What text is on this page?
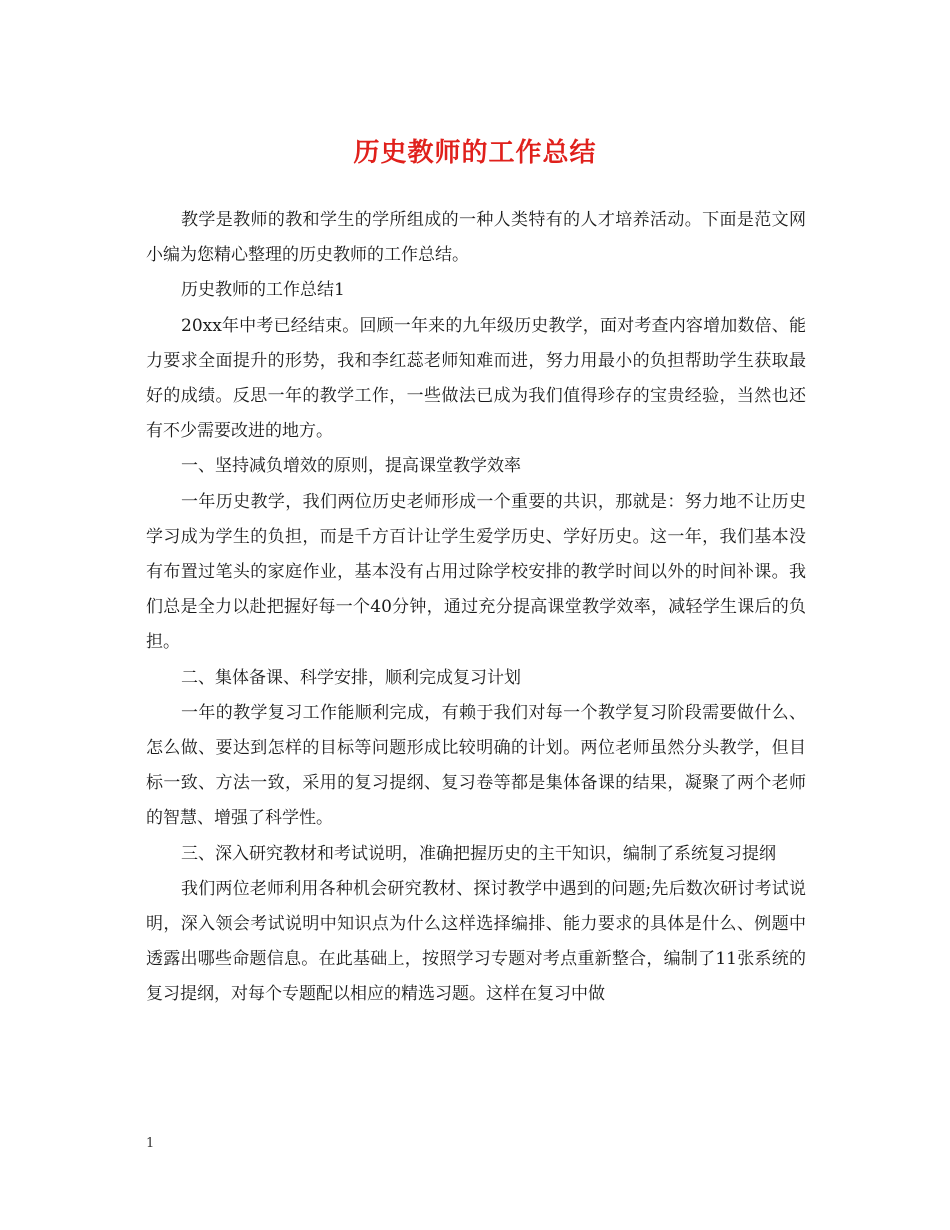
历史教师的工作总结

教学是教师的教和学生的学所组成的一种人类特有的人才培养活动。下面是范文网小编为您精心整理的历史教师的工作总结。

历史教师的工作总结1

20xx年中考已经结束。回顾一年来的九年级历史教学，面对考查内容增加数倍、能力要求全面提升的形势，我和李红蕊老师知难而进，努力用最小的负担帮助学生获取最好的成绩。反思一年的教学工作，一些做法已成为我们值得珍存的宝贵经验，当然也还有不少需要改进的地方。

一、坚持减负增效的原则，提高课堂教学效率

一年历史教学，我们两位历史老师形成一个重要的共识，那就是：努力地不让历史学习成为学生的负担，而是千方百计让学生爱学历史、学好历史。这一年，我们基本没有布置过笔头的家庭作业，基本没有占用过除学校安排的教学时间以外的时间补课。我们总是全力以赴把握好每一个40分钟，通过充分提高课堂教学效率，减轻学生课后的负担。

二、集体备课、科学安排，顺利完成复习计划

一年的教学复习工作能顺利完成，有赖于我们对每一个教学复习阶段需要做什么、怎么做、要达到怎样的目标等问题形成比较明确的计划。两位老师虽然分头教学，但目标一致、方法一致，采用的复习提纲、复习卷等都是集体备课的结果，凝聚了两个老师的智慧、增强了科学性。

三、深入研究教材和考试说明，准确把握历史的主干知识，编制了系统复习提纲

我们两位老师利用各种机会研究教材、探讨教学中遇到的问题;先后数次研讨考试说明，深入领会考试说明中知识点为什么这样选择编排、能力要求的具体是什么、例题中透露出哪些命题信息。在此基础上，按照学习专题对考点重新整合，编制了11张系统的复习提纲，对每个专题配以相应的精选习题。这样在复习中做

1
